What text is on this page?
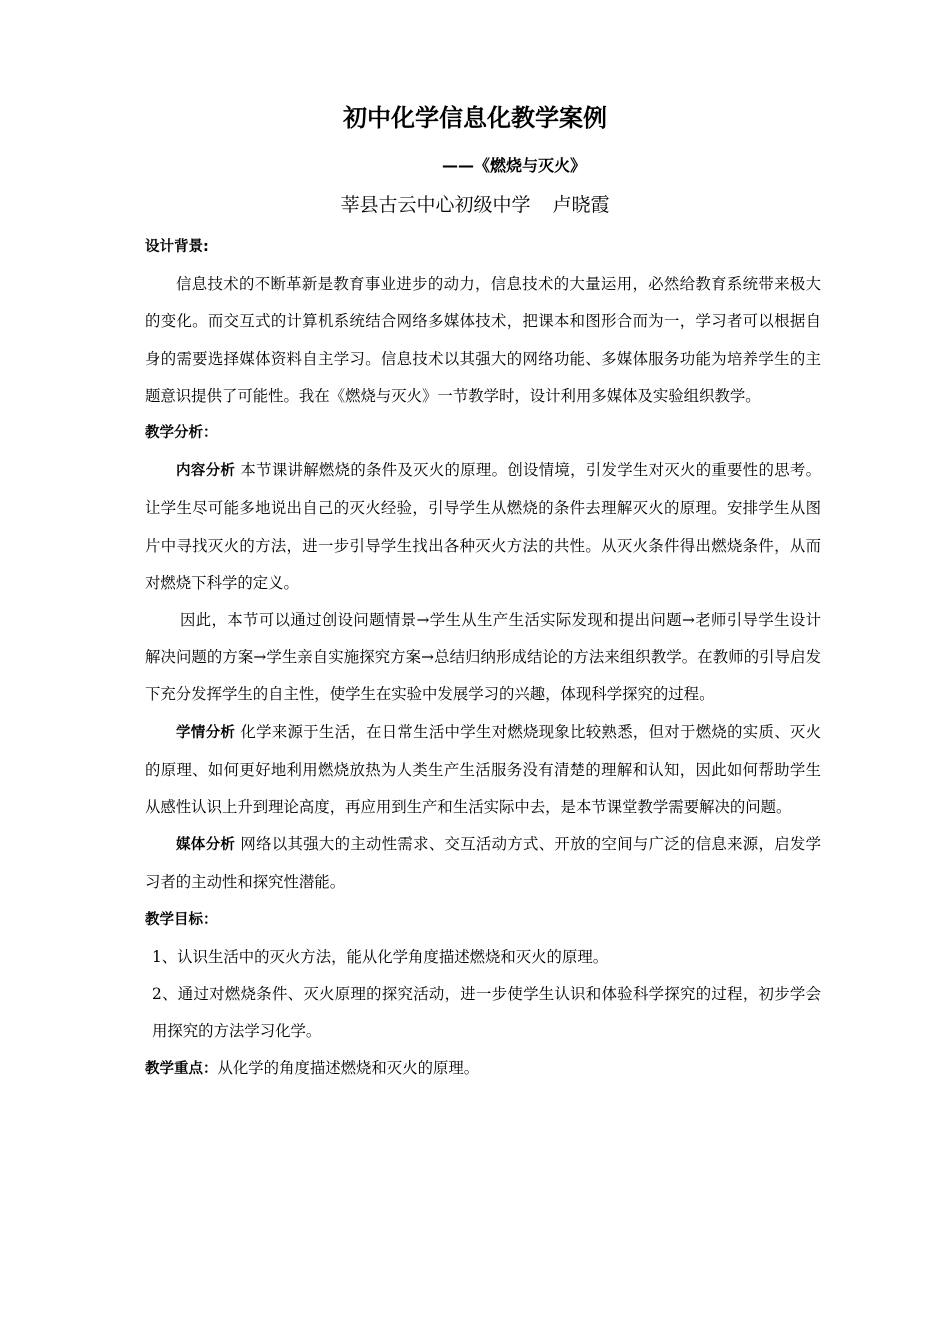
初中化学信息化教学案例
——《燃烧与灭火》
莘县古云中心初级中学 卢晓霞

设计背景:

信息技术的不断革新是教育事业进步的动力，信息技术的大量运用，必然给教育系统带来极大的变化。而交互式的计算机系统结合网络多媒体技术，把课本和图形合而为一，学习者可以根据自身的需要选择媒体资料自主学习。信息技术以其强大的网络功能、多媒体服务功能为培养学生的主题意识提供了可能性。我在《燃烧与灭火》一节教学时，设计利用多媒体及实验组织教学。

教学分析：

内容分析 本节课讲解燃烧的条件及灭火的原理。创设情境，引发学生对灭火的重要性的思考。让学生尽可能多地说出自己的灭火经验，引导学生从燃烧的条件去理解灭火的原理。安排学生从图片中寻找灭火的方法，进一步引导学生找出各种灭火方法的共性。从灭火条件得出燃烧条件，从而对燃烧下科学的定义。

因此，本节可以通过创设问题情景→学生从生产生活实际发现和提出问题→老师引导学生设计解决问题的方案→学生亲自实施探究方案→总结归纳形成结论的方法来组织教学。在教师的引导启发下充分发挥学生的自主性，使学生在实验中发展学习的兴趣，体现科学探究的过程。

学情分析 化学来源于生活，在日常生活中学生对燃烧现象比较熟悉，但对于燃烧的实质、灭火的原理、如何更好地利用燃烧放热为人类生产生活服务没有清楚的理解和认知，因此如何帮助学生从感性认识上升到理论高度，再应用到生产和生活实际中去，是本节课堂教学需要解决的问题。

媒体分析 网络以其强大的主动性需求、交互活动方式、开放的空间与广泛的信息来源，启发学习者的主动性和探究性潜能。

教学目标：

1、认识生活中的灭火方法，能从化学角度描述燃烧和灭火的原理。

2、通过对燃烧条件、灭火原理的探究活动，进一步使学生认识和体验科学探究的过程，初步学会用探究的方法学习化学。

教学重点：从化学的角度描述燃烧和灭火的原理。
